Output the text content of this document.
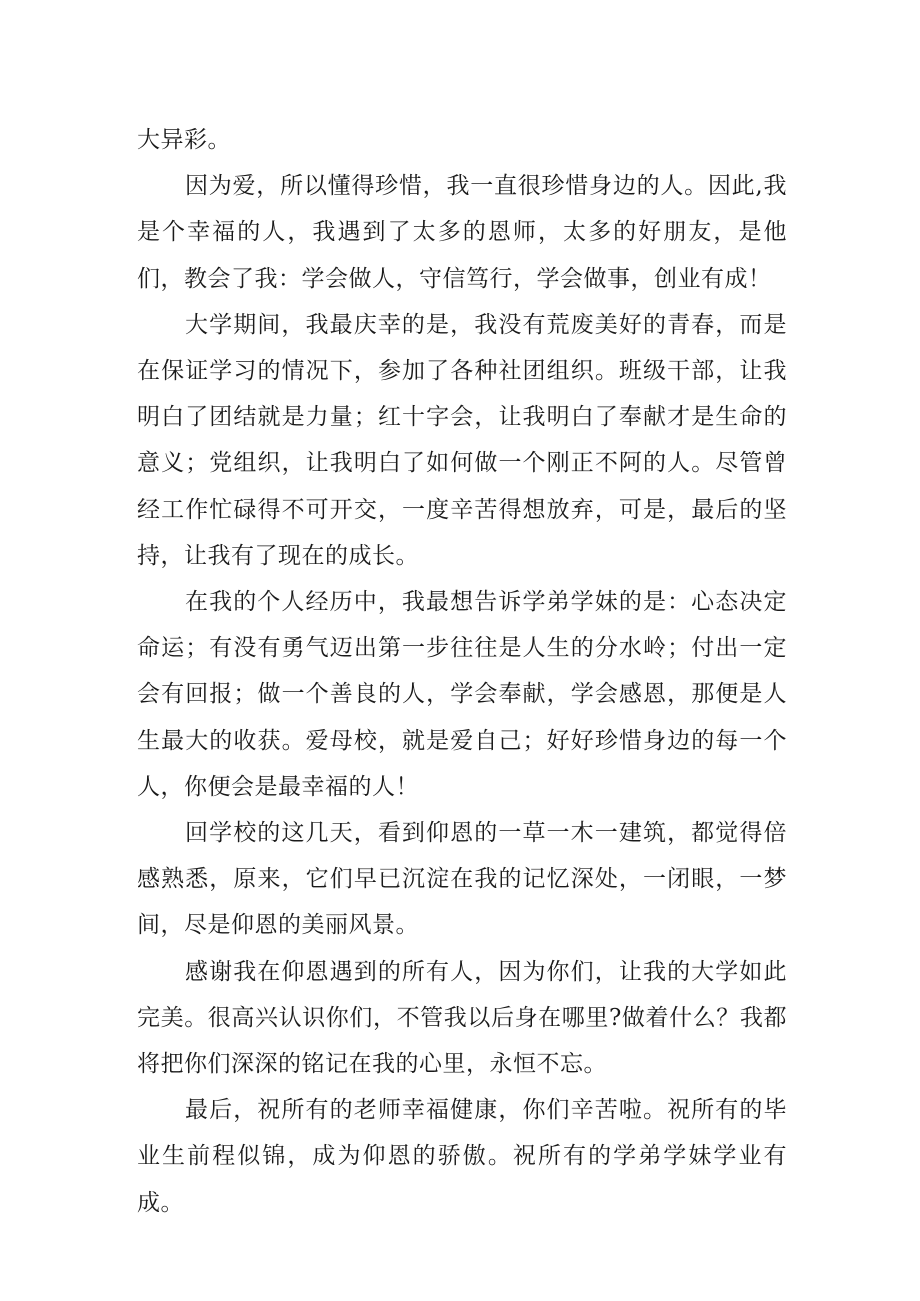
大异彩。

因为爱，所以懂得珍惜，我一直很珍惜身边的人。因此,我是个幸福的人，我遇到了太多的恩师，太多的好朋友，是他们，教会了我：学会做人，守信笃行，学会做事，创业有成！

大学期间，我最庆幸的是，我没有荒废美好的青春，而是在保证学习的情况下，参加了各种社团组织。班级干部，让我明白了团结就是力量；红十字会，让我明白了奉献才是生命的意义；党组织，让我明白了如何做一个刚正不阿的人。尽管曾经工作忙碌得不可开交，一度辛苦得想放弃，可是，最后的坚持，让我有了现在的成长。

在我的个人经历中，我最想告诉学弟学妹的是：心态决定命运；有没有勇气迈出第一步往往是人生的分水岭；付出一定会有回报；做一个善良的人，学会奉献，学会感恩，那便是人生最大的收获。爱母校，就是爱自己；好好珍惜身边的每一个人，你便会是最幸福的人！

回学校的这几天，看到仰恩的一草一木一建筑，都觉得倍感熟悉，原来，它们早已沉淀在我的记忆深处，一闭眼，一梦间，尽是仰恩的美丽风景。

感谢我在仰恩遇到的所有人，因为你们，让我的大学如此完美。很高兴认识你们，不管我以后身在哪里?做着什么？我都将把你们深深的铭记在我的心里，永恒不忘。

最后，祝所有的老师幸福健康，你们辛苦啦。祝所有的毕业生前程似锦，成为仰恩的骄傲。祝所有的学弟学妹学业有成。
